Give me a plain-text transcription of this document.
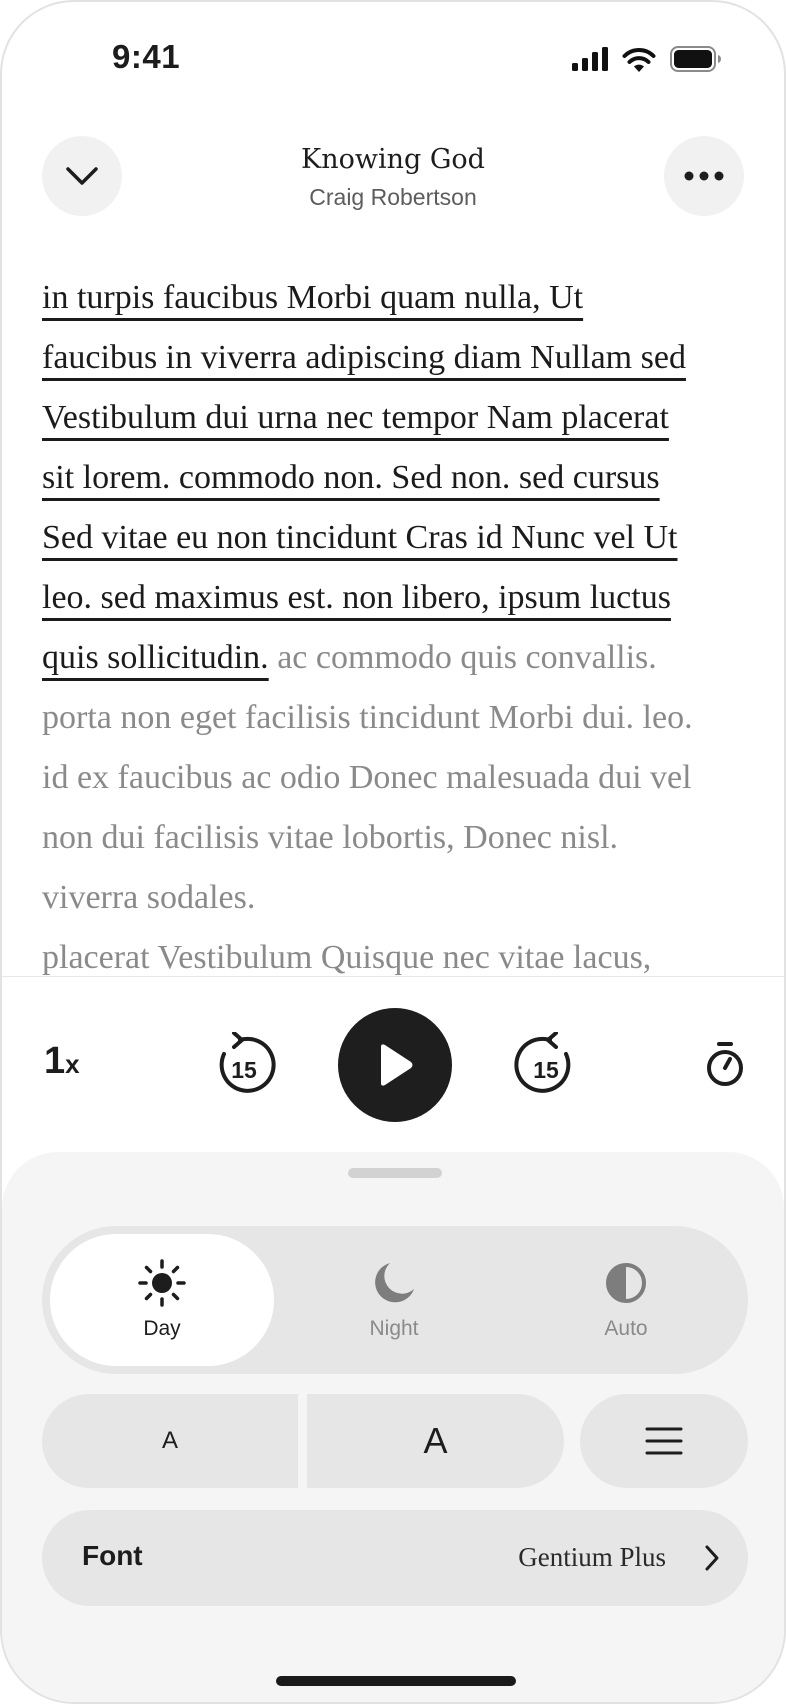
9:41
Knowing God
Craig Robertson
in turpis faucibus Morbi quam nulla, Ut
faucibus in viverra adipiscing diam Nullam sed
Vestibulum dui urna nec tempor Nam placerat
sit lorem. commodo non. Sed non. sed cursus
Sed vitae eu non tincidunt Cras id Nunc vel Ut
leo. sed maximus est. non libero, ipsum luctus
quis sollicitudin. ac commodo quis convallis.
porta non eget facilisis tincidunt Morbi dui. leo.
id ex faucibus ac odio Donec malesuada dui vel
non dui facilisis vitae lobortis, Donec nisl.
viverra sodales.
placerat Vestibulum Quisque nec vitae lacus,
1x	15	15
Day	Night	Auto
A	A
Font	Gentium Plus
